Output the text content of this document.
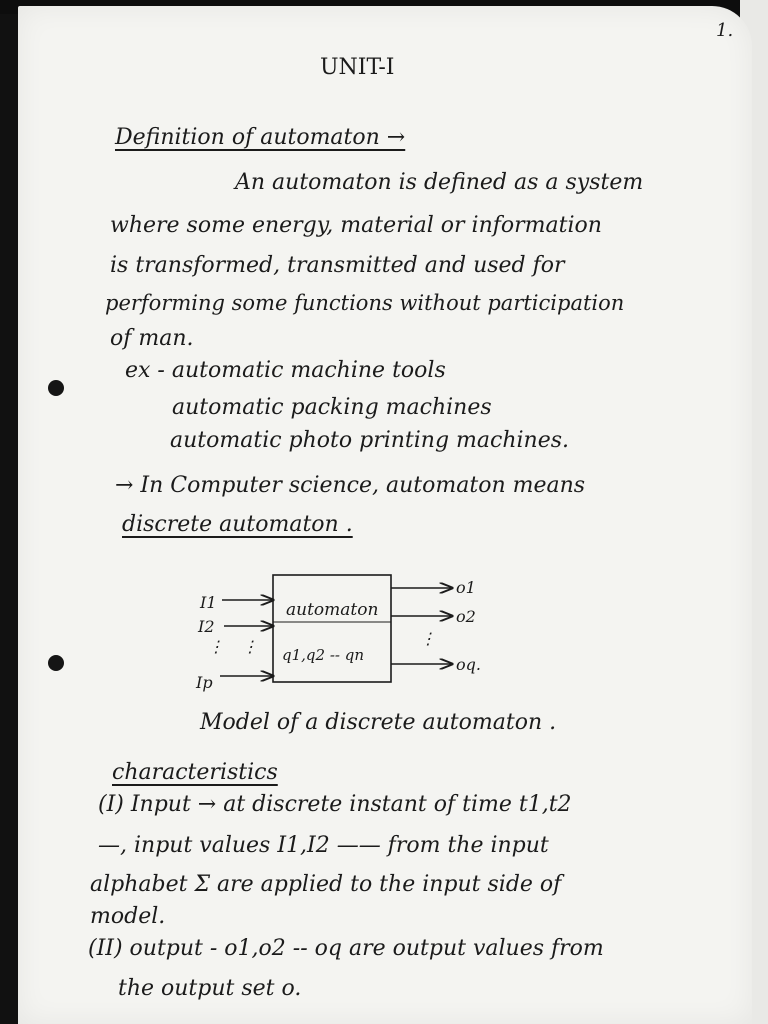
1.
UNIT-I
Definition of automaton →
An automaton is defined as a system
where some energy, material or information
is transformed, transmitted and used for
performing some functions without participation
of man.
ex - automatic machine tools
automatic packing machines
automatic photo printing machines.
→ In Computer science, automaton means
discrete automaton .
automaton
q1,q2 -- qn
I1
I2
Ip
⋮ ⋮
o1
o2
oq.
⋮
Model of a discrete automaton .
characteristics
(I) Input → at discrete instant of time t1,t2
—, input values I1,I2 —— from the input
alphabet Σ are applied to the input side of
model.
(II) output - o1,o2 -- oq are output values from
the output set o.
